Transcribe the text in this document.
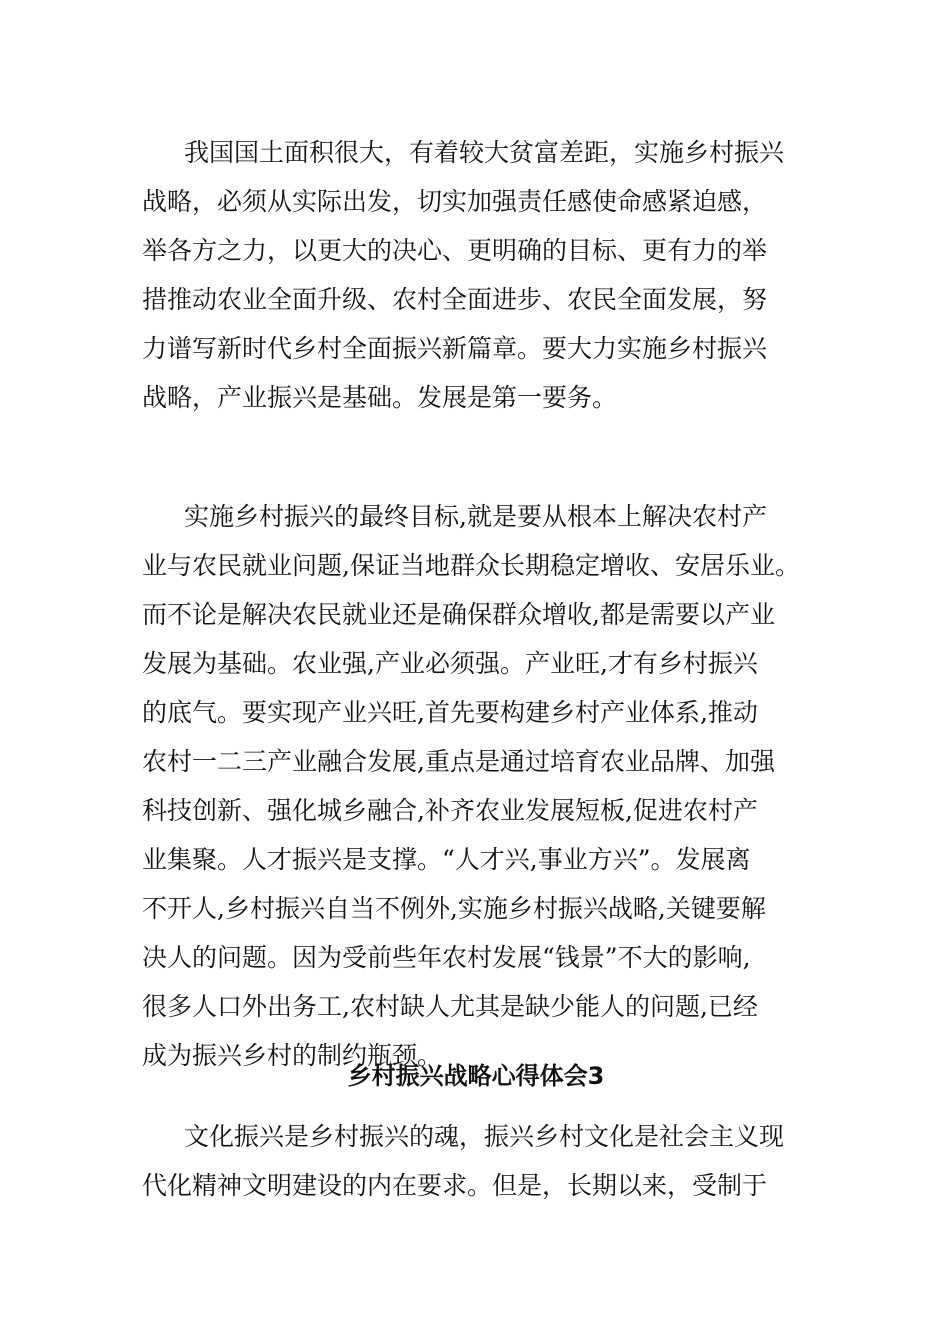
我国国土面积很大，有着较大贫富差距，实施乡村振兴
战略，必须从实际出发，切实加强责任感使命感紧迫感，
举各方之力，以更大的决心、更明确的目标、更有力的举
措推动农业全面升级、农村全面进步、农民全面发展，努
力谱写新时代乡村全面振兴新篇章。要大力实施乡村振兴
战略，产业振兴是基础。发展是第一要务。
实施乡村振兴的最终目标,就是要从根本上解决农村产
业与农民就业问题,保证当地群众长期稳定增收、安居乐业。
而不论是解决农民就业还是确保群众增收,都是需要以产业
发展为基础。农业强,产业必须强。产业旺,才有乡村振兴
的底气。要实现产业兴旺,首先要构建乡村产业体系,推动
农村一二三产业融合发展,重点是通过培育农业品牌、加强
科技创新、强化城乡融合,补齐农业发展短板,促进农村产
业集聚。人才振兴是支撑。“人才兴,事业方兴”。发展离
不开人,乡村振兴自当不例外,实施乡村振兴战略,关键要解
决人的问题。因为受前些年农村发展“钱景”不大的影响,
很多人口外出务工,农村缺人尤其是缺少能人的问题,已经
成为振兴乡村的制约瓶颈。
乡村振兴战略心得体会3
文化振兴是乡村振兴的魂，振兴乡村文化是社会主义现
代化精神文明建设的内在要求。但是，长期以来，受制于
